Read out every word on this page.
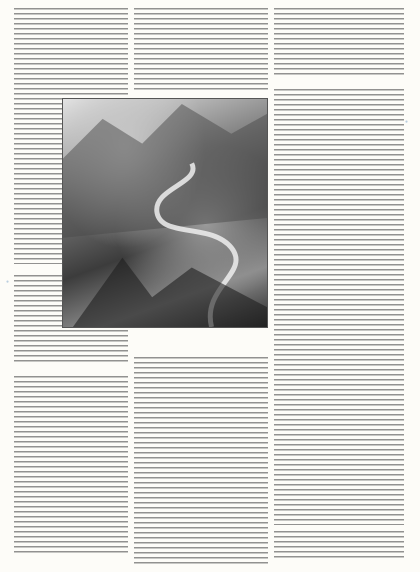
●
●
